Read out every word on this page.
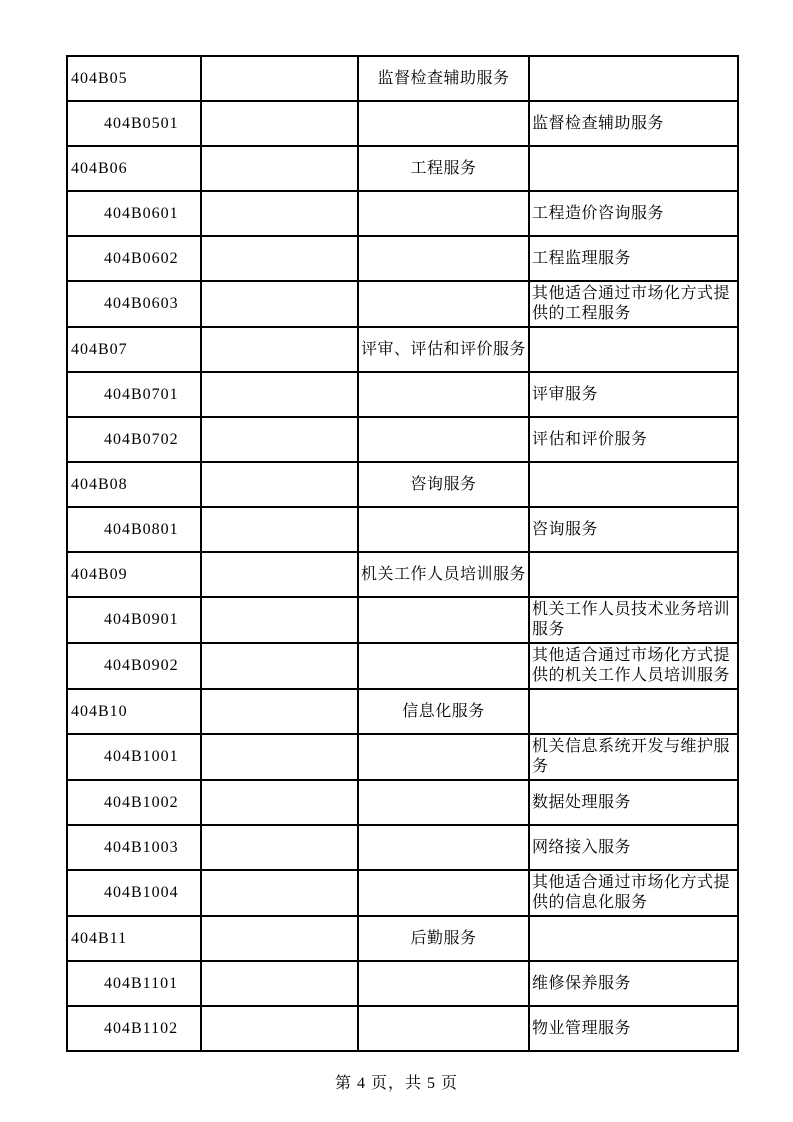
404B05		监督检查辅助服务	
404B0501			监督检查辅助服务
404B06		工程服务	
404B0601			工程造价咨询服务
404B0602			工程监理服务
404B0603			其他适合通过市场化方式提供的工程服务
404B07		评审、评估和评价服务	
404B0701			评审服务
404B0702			评估和评价服务
404B08		咨询服务	
404B0801			咨询服务
404B09		机关工作人员培训服务	
404B0901			机关工作人员技术业务培训服务
404B0902			其他适合通过市场化方式提供的机关工作人员培训服务
404B10		信息化服务	
404B1001			机关信息系统开发与维护服务
404B1002			数据处理服务
404B1003			网络接入服务
404B1004			其他适合通过市场化方式提供的信息化服务
404B11		后勤服务	
404B1101			维修保养服务
404B1102			物业管理服务
第 4 页，共 5 页
